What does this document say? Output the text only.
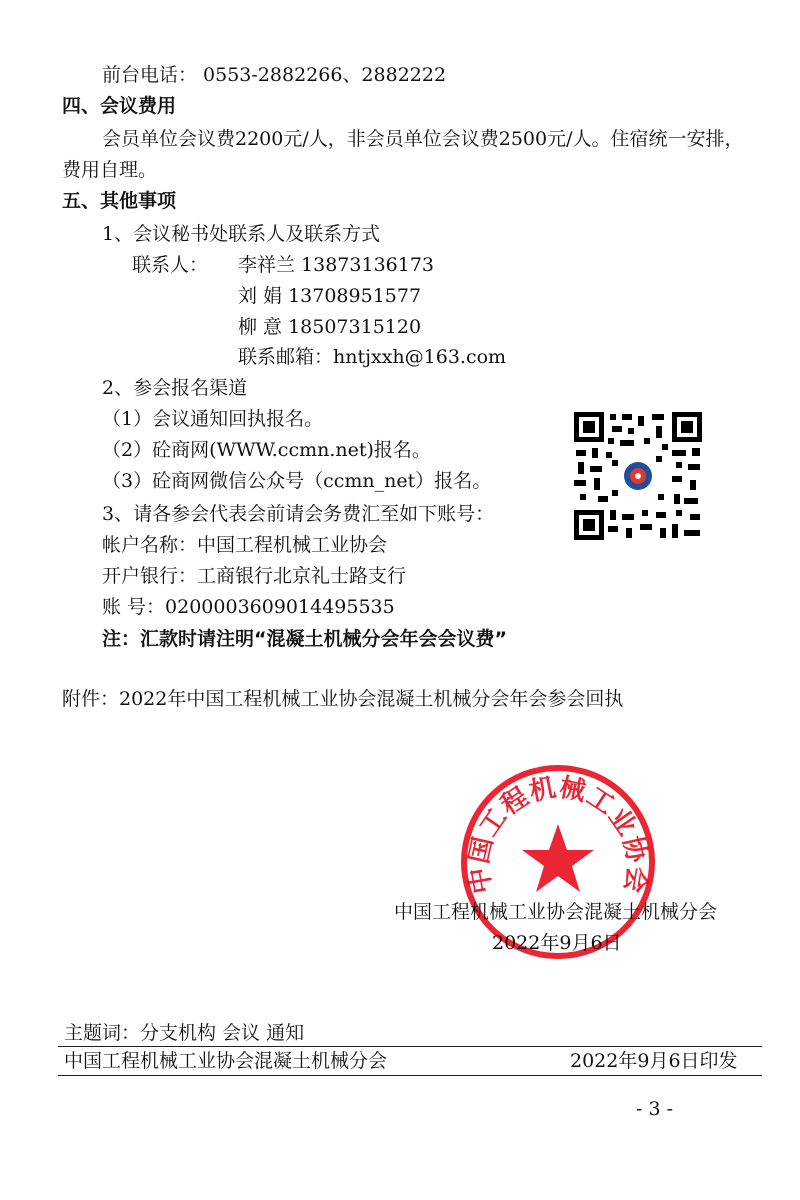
前台电话： 0553-2882266、2882222
四、会议费用
会员单位会议费2200元/人，非会员单位会议费2500元/人。住宿统一安排，
费用自理。
五、其他事项
1、会议秘书处联系人及联系方式
联系人： 李祥兰 13873136173
刘 娟 13708951577
柳 意 18507315120
联系邮箱：hntjxxh@163.com
2、参会报名渠道
（1）会议通知回执报名。
（2）砼商网(WWW.ccmn.net)报名。
（3）砼商网微信公众号（ccmn_net）报名。
3、请各参会代表会前请会务费汇至如下账号：
帐户名称：中国工程机械工业协会
开户银行：工商银行北京礼士路支行
账 号：0200003609014495535
注：汇款时请注明“混凝土机械分会年会会议费”
附件：2022年中国工程机械工业协会混凝土机械分会年会参会回执
中国工程机械工业协会
中国工程机械工业协会混凝土机械分会
2022年9月6日
主题词：分支机构 会议 通知
中国工程机械工业协会混凝土机械分会	2022年9月6日印发
- 3 -
